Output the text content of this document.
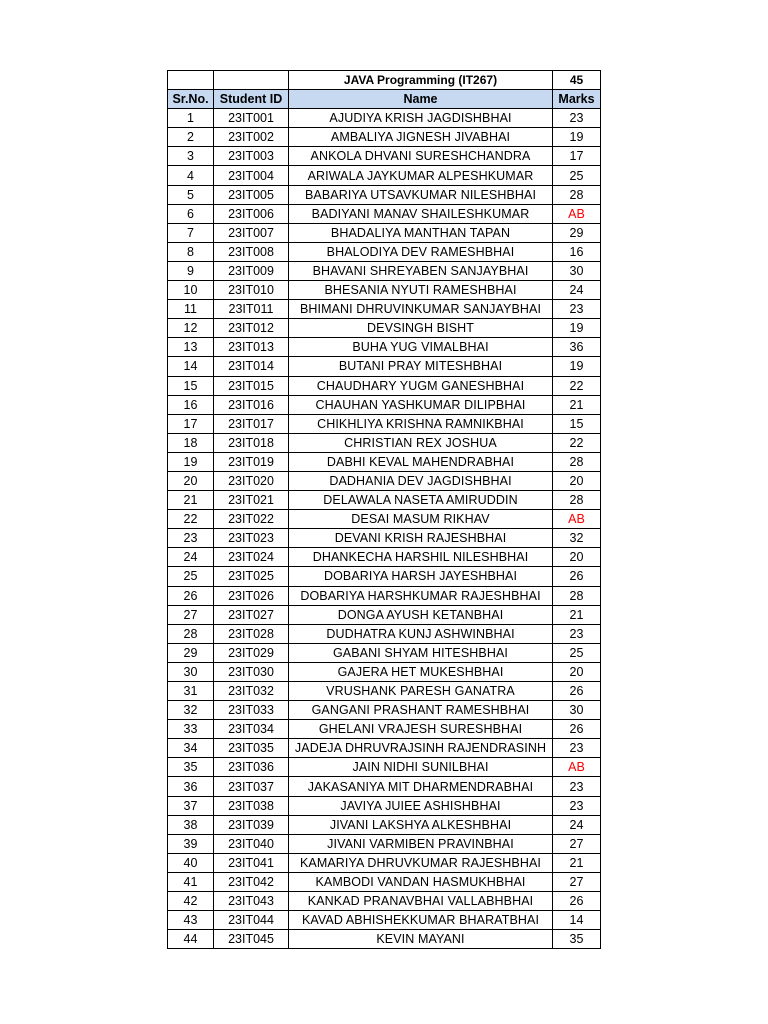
		JAVA Programming (IT267)	45
Sr.No.	Student ID	Name	Marks
1	23IT001	AJUDIYA KRISH JAGDISHBHAI	23
2	23IT002	AMBALIYA JIGNESH JIVABHAI	19
3	23IT003	ANKOLA DHVANI SURESHCHANDRA	17
4	23IT004	ARIWALA JAYKUMAR ALPESHKUMAR	25
5	23IT005	BABARIYA UTSAVKUMAR NILESHBHAI	28
6	23IT006	BADIYANI MANAV SHAILESHKUMAR	AB
7	23IT007	BHADALIYA MANTHAN TAPAN	29
8	23IT008	BHALODIYA DEV RAMESHBHAI	16
9	23IT009	BHAVANI SHREYABEN SANJAYBHAI	30
10	23IT010	BHESANIA NYUTI RAMESHBHAI	24
11	23IT011	BHIMANI DHRUVINKUMAR SANJAYBHAI	23
12	23IT012	DEVSINGH BISHT	19
13	23IT013	BUHA YUG VIMALBHAI	36
14	23IT014	BUTANI PRAY MITESHBHAI	19
15	23IT015	CHAUDHARY YUGM GANESHBHAI	22
16	23IT016	CHAUHAN YASHKUMAR DILIPBHAI	21
17	23IT017	CHIKHLIYA KRISHNA RAMNIKBHAI	15
18	23IT018	CHRISTIAN REX JOSHUA	22
19	23IT019	DABHI KEVAL MAHENDRABHAI	28
20	23IT020	DADHANIA DEV JAGDISHBHAI	20
21	23IT021	DELAWALA NASETA AMIRUDDIN	28
22	23IT022	DESAI MASUM RIKHAV	AB
23	23IT023	DEVANI KRISH RAJESHBHAI	32
24	23IT024	DHANKECHA HARSHIL NILESHBHAI	20
25	23IT025	DOBARIYA HARSH JAYESHBHAI	26
26	23IT026	DOBARIYA HARSHKUMAR RAJESHBHAI	28
27	23IT027	DONGA AYUSH KETANBHAI	21
28	23IT028	DUDHATRA KUNJ ASHWINBHAI	23
29	23IT029	GABANI SHYAM HITESHBHAI	25
30	23IT030	GAJERA HET MUKESHBHAI	20
31	23IT032	VRUSHANK PARESH GANATRA	26
32	23IT033	GANGANI PRASHANT RAMESHBHAI	30
33	23IT034	GHELANI VRAJESH SURESHBHAI	26
34	23IT035	JADEJA DHRUVRAJSINH RAJENDRASINH	23
35	23IT036	JAIN NIDHI SUNILBHAI	AB
36	23IT037	JAKASANIYA MIT DHARMENDRABHAI	23
37	23IT038	JAVIYA JUIEE ASHISHBHAI	23
38	23IT039	JIVANI LAKSHYA ALKESHBHAI	24
39	23IT040	JIVANI VARMIBEN PRAVINBHAI	27
40	23IT041	KAMARIYA DHRUVKUMAR RAJESHBHAI	21
41	23IT042	KAMBODI VANDAN HASMUKHBHAI	27
42	23IT043	KANKAD PRANAVBHAI VALLABHBHAI	26
43	23IT044	KAVAD ABHISHEKKUMAR BHARATBHAI	14
44	23IT045	KEVIN MAYANI	35
